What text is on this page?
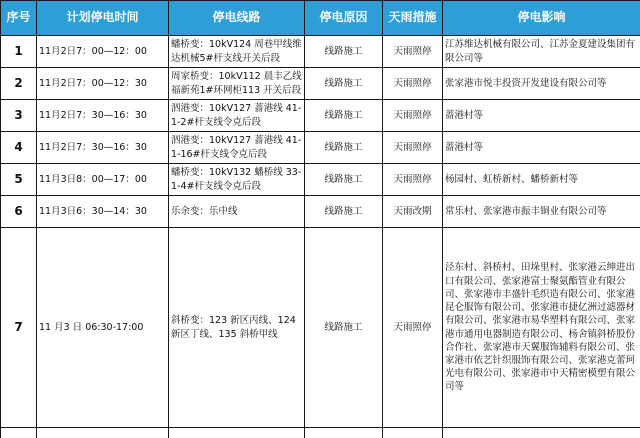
序号	计划停电时间	停电线路	停电原因	天雨措施	停电影响
1	11月2日7：00—12：00	蟠桥变：10kV124 周巷甲线维达机械5#杆支线开关后段	线路施工	天雨照停	江苏维达机械有限公司、江苏金夏建设集团有限公司等
2	11月2日7：00—12：30	周家桥变：10kV112 晨丰乙线福新苑1#环网柜113 开关后段	线路施工	天雨照停	张家港市悦丰投资开发建设有限公司等
3	11月2日7：30—16：30	泗港变：10kV127 蔷港线 41-1-2#杆支线令克后段	线路施工	天雨照停	蔷港村等
4	11月2日7：30—16：30	泗港变：10kV127 蔷港线 41-1-16#杆支线令克后段	线路施工	天雨照停	蔷港村等
5	11月3日8：00—17：00	蟠桥变：10kV132 蟠桥线 33-1-4#杆支线令克后段	线路施工	天雨照停	杨园村、虹桥新村、蟠桥新村等
6	11月3日6：30—14：30	乐余变：乐中线	线路施工	天雨改期	常乐村、张家港市振丰铜业有限公司等
7	11 月3 日 06:30-17:00	斜桥变：123 新区丙线、124 新区丁线、135 斜桥甲线	线路施工	天雨照停	泾东村、斜桥村、田垛里村、张家港云绅进出口有限公司、张家港富士聚氨酯管业有限公司、张家港市丰盛针毛织造有限公司、张家港昆仑服饰有限公司、张家港市捷亿洲过滤器材有限公司、张家港市易华塑料有限公司、张家港市通用电器制造有限公司、杨舍镇斜桥股份合作社、张家港市天翼服饰辅料有限公司、张家港市依艺针织服饰有限公司、张家港克蕾珂光电有限公司、张家港市中天精密模塑有限公司等
